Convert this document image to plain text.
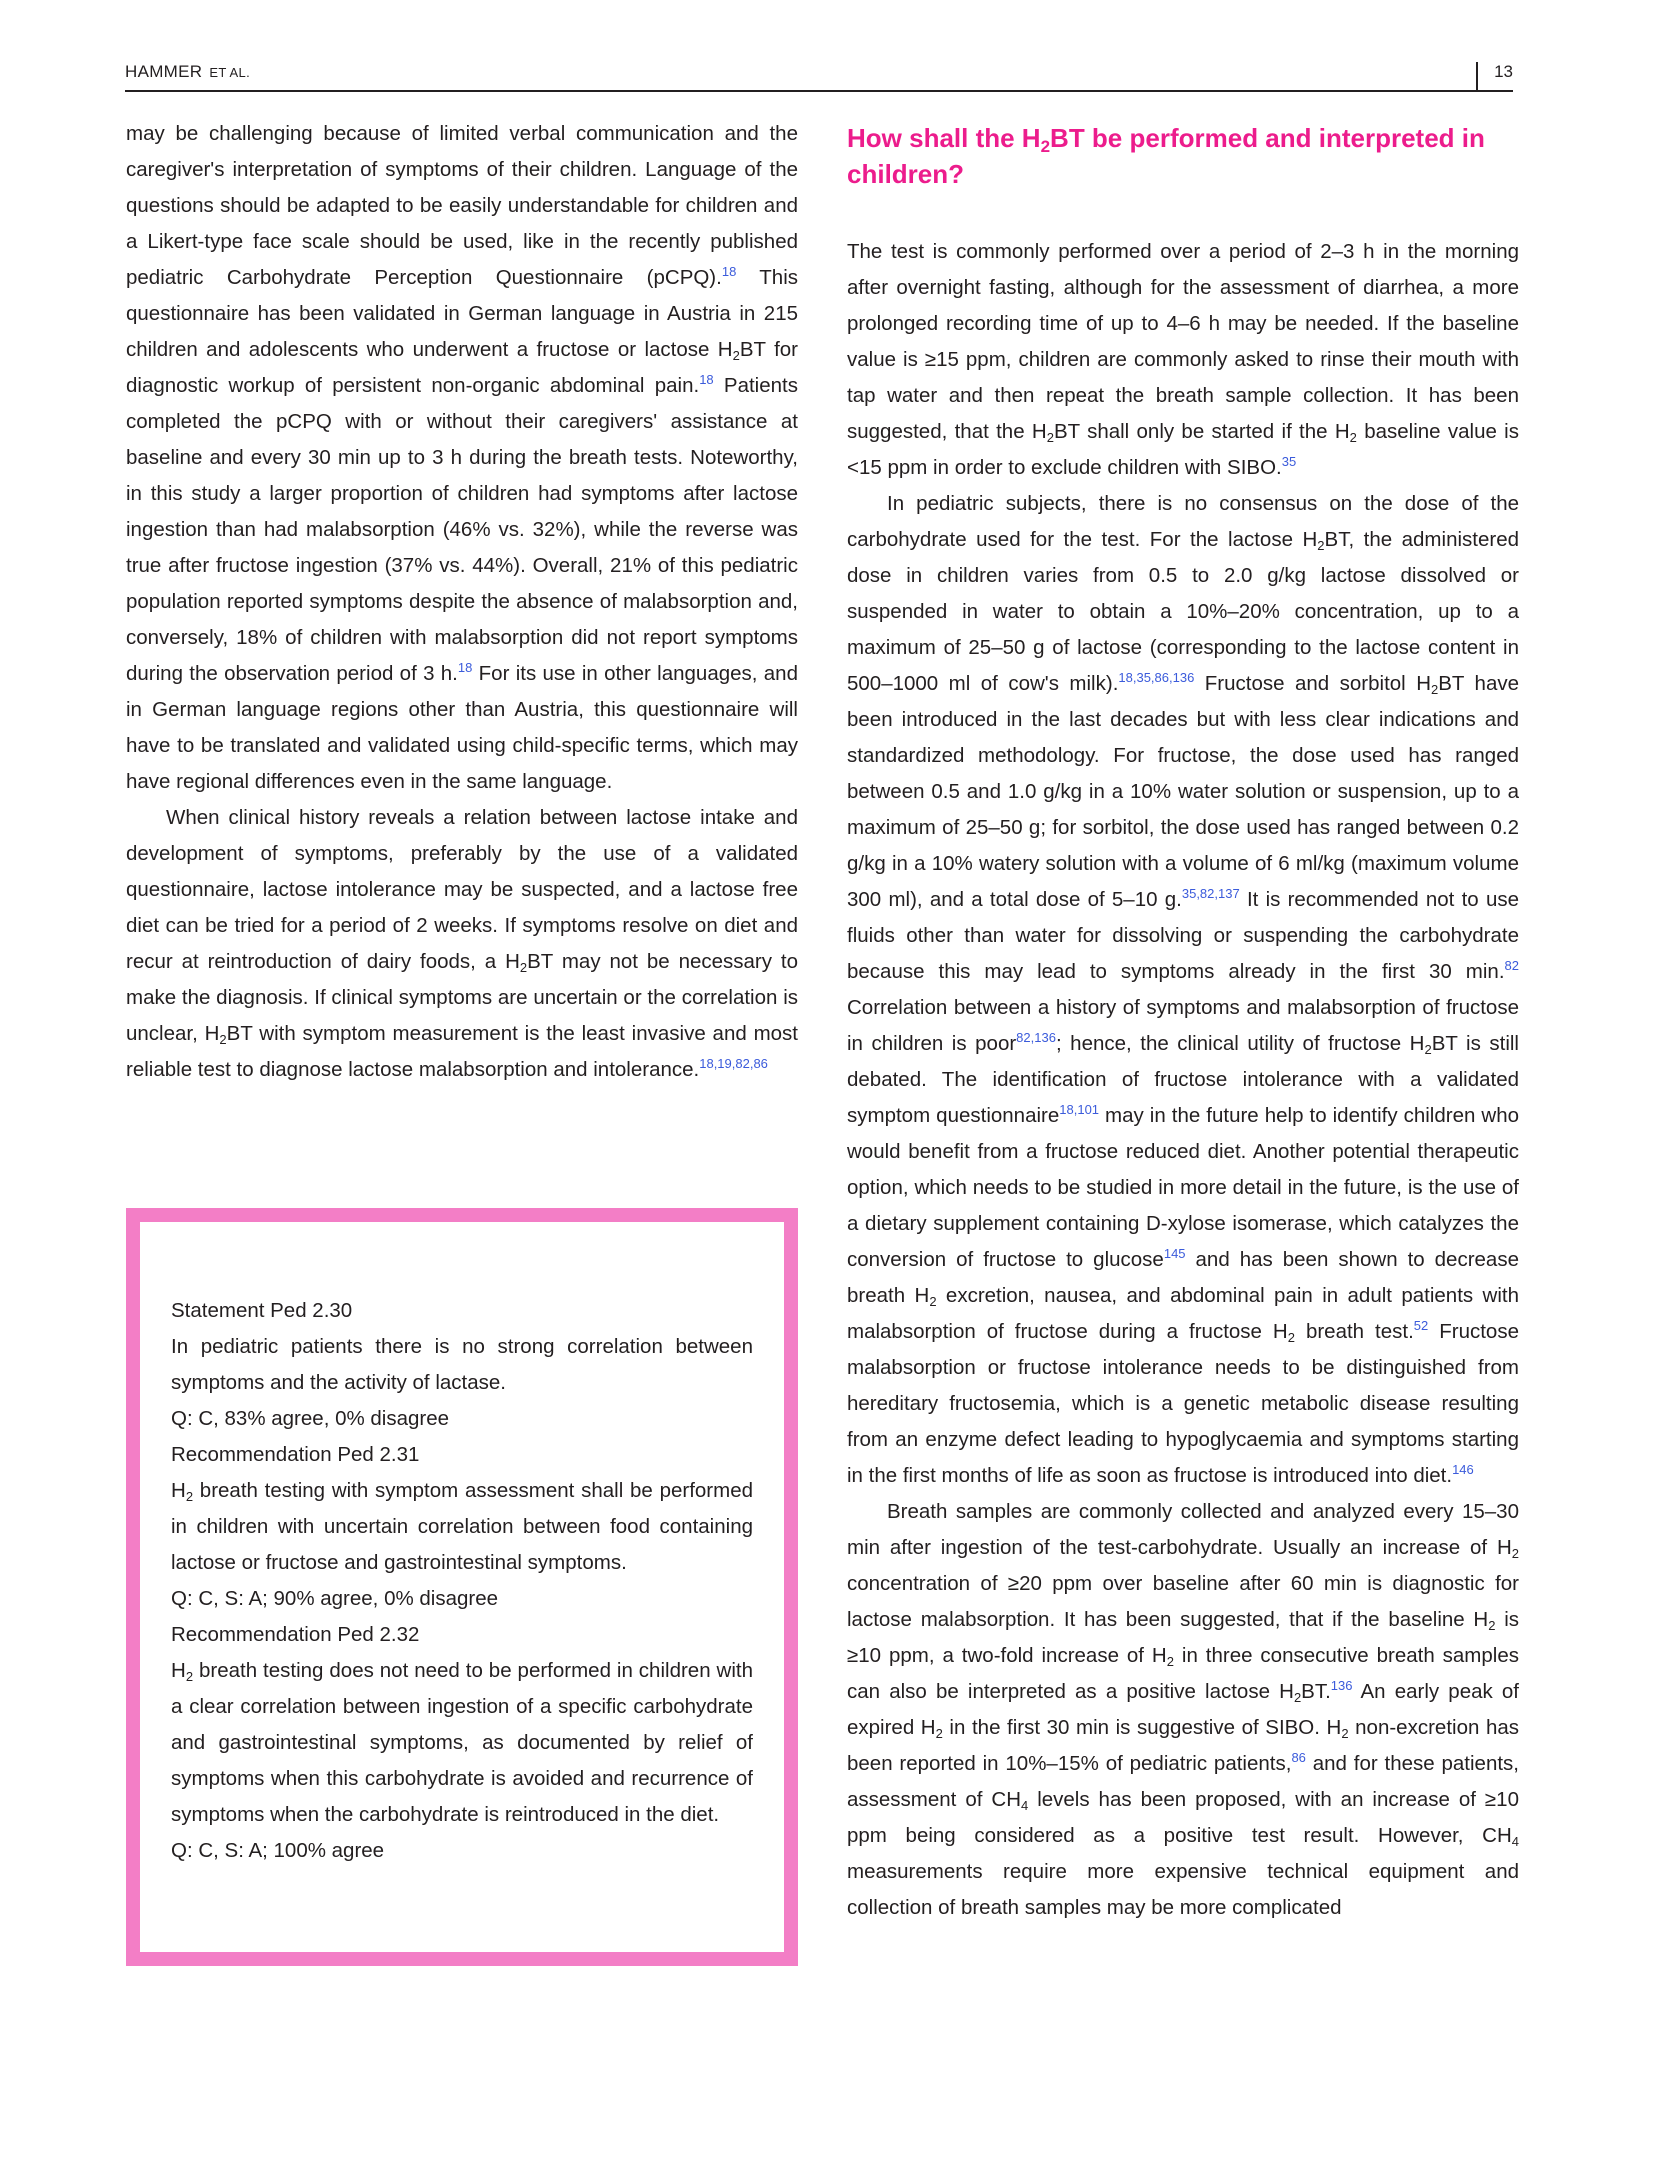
HAMMER ET AL.	13

may be challenging because of limited verbal communication and the caregiver's interpretation of symptoms of their children. Language of the questions should be adapted to be easily understandable for children and a Likert-type face scale should be used, like in the recently published pediatric Carbohydrate Perception Questionnaire (pCPQ).$^{18}$ This questionnaire has been validated in German language in Austria in 215 children and adolescents who underwent a fructose or lactose $H_2BT$ for diagnostic workup of persistent non-organic abdominal pain.$^{18}$ Patients completed the pCPQ with or without their caregivers' assistance at baseline and every 30 min up to 3 h during the breath tests. Noteworthy, in this study a larger proportion of children had symptoms after lactose ingestion than had malabsorption (46% vs. 32%), while the reverse was true after fructose ingestion (37% vs. 44%). Overall, 21% of this pediatric population reported symptoms despite the absence of malabsorption and, conversely, 18% of children with malabsorption did not report symptoms during the observation period of 3 h.$^{18}$ For its use in other languages, and in German language regions other than Austria, this questionnaire will have to be translated and validated using child-specific terms, which may have regional differences even in the same language.

When clinical history reveals a relation between lactose intake and development of symptoms, preferably by the use of a validated questionnaire, lactose intolerance may be suspected, and a lactose free diet can be tried for a period of 2 weeks. If symptoms resolve on diet and recur at reintroduction of dairy foods, a $H_2BT$ may not be necessary to make the diagnosis. If clinical symptoms are uncertain or the correlation is unclear, $H_2BT$ with symptom measurement is the least invasive and most reliable test to diagnose lactose malabsorption and intolerance.$^{18,19,82,86}$

Statement Ped 2.30

In pediatric patients there is no strong correlation between symptoms and the activity of lactase.

Q: C, 83% agree, 0% disagree

Recommendation Ped 2.31

$H_2$ breath testing with symptom assessment shall be performed in children with uncertain correlation between food containing lactose or fructose and gastrointestinal symptoms.

Q: C, S: A; 90% agree, 0% disagree

Recommendation Ped 2.32

$H_2$ breath testing does not need to be performed in children with a clear correlation between ingestion of a specific carbohydrate and gastrointestinal symptoms, as documented by relief of symptoms when this carbohydrate is avoided and recurrence of symptoms when the carbohydrate is reintroduced in the diet.

Q: C, S: A; 100% agree

How shall the $H_2BT$ be performed and interpreted in children?

The test is commonly performed over a period of 2–3 h in the morning after overnight fasting, although for the assessment of diarrhea, a more prolonged recording time of up to 4–6 h may be needed. If the baseline value is ≥15 ppm, children are commonly asked to rinse their mouth with tap water and then repeat the breath sample collection. It has been suggested, that the $H_2BT$ shall only be started if the $H_2$ baseline value is <15 ppm in order to exclude children with SIBO.$^{35}$

In pediatric subjects, there is no consensus on the dose of the carbohydrate used for the test. For the lactose $H_2BT$, the administered dose in children varies from 0.5 to 2.0 g/kg lactose dissolved or suspended in water to obtain a 10%–20% concentration, up to a maximum of 25–50 g of lactose (corresponding to the lactose content in 500–1000 ml of cow's milk).$^{18,35,86,136}$ Fructose and sorbitol $H_2BT$ have been introduced in the last decades but with less clear indications and standardized methodology. For fructose, the dose used has ranged between 0.5 and 1.0 g/kg in a 10% water solution or suspension, up to a maximum of 25–50 g; for sorbitol, the dose used has ranged between 0.2 g/kg in a 10% watery solution with a volume of 6 ml/kg (maximum volume 300 ml), and a total dose of 5–10 g.$^{35,82,137}$ It is recommended not to use fluids other than water for dissolving or suspending the carbohydrate because this may lead to symptoms already in the first 30 min.$^{82}$ Correlation between a history of symptoms and malabsorption of fructose in children is poor$^{82,136}$; hence, the clinical utility of fructose $H_2BT$ is still debated. The identification of fructose intolerance with a validated symptom questionnaire$^{18,101}$ may in the future help to identify children who would benefit from a fructose reduced diet. Another potential therapeutic option, which needs to be studied in more detail in the future, is the use of a dietary supplement containing D-xylose isomerase, which catalyzes the conversion of fructose to glucose$^{145}$ and has been shown to decrease breath $H_2$ excretion, nausea, and abdominal pain in adult patients with malabsorption of fructose during a fructose $H_2$ breath test.$^{52}$ Fructose malabsorption or fructose intolerance needs to be distinguished from hereditary fructosemia, which is a genetic metabolic disease resulting from an enzyme defect leading to hypoglycaemia and symptoms starting in the first months of life as soon as fructose is introduced into diet.$^{146}$

Breath samples are commonly collected and analyzed every 15–30 min after ingestion of the test-carbohydrate. Usually an increase of $H_2$ concentration of ≥20 ppm over baseline after 60 min is diagnostic for lactose malabsorption. It has been suggested, that if the baseline $H_2$ is ≥10 ppm, a two-fold increase of $H_2$ in three consecutive breath samples can also be interpreted as a positive lactose $H_2BT.^{136}$ An early peak of expired $H_2$ in the first 30 min is suggestive of SIBO. $H_2$ non-excretion has been reported in 10%–15% of pediatric patients,$^{86}$ and for these patients, assessment of $CH_4$ levels has been proposed, with an increase of ≥10 ppm being considered as a positive test result. However, $CH_4$ measurements require more expensive technical equipment and collection of breath samples may be more complicated
